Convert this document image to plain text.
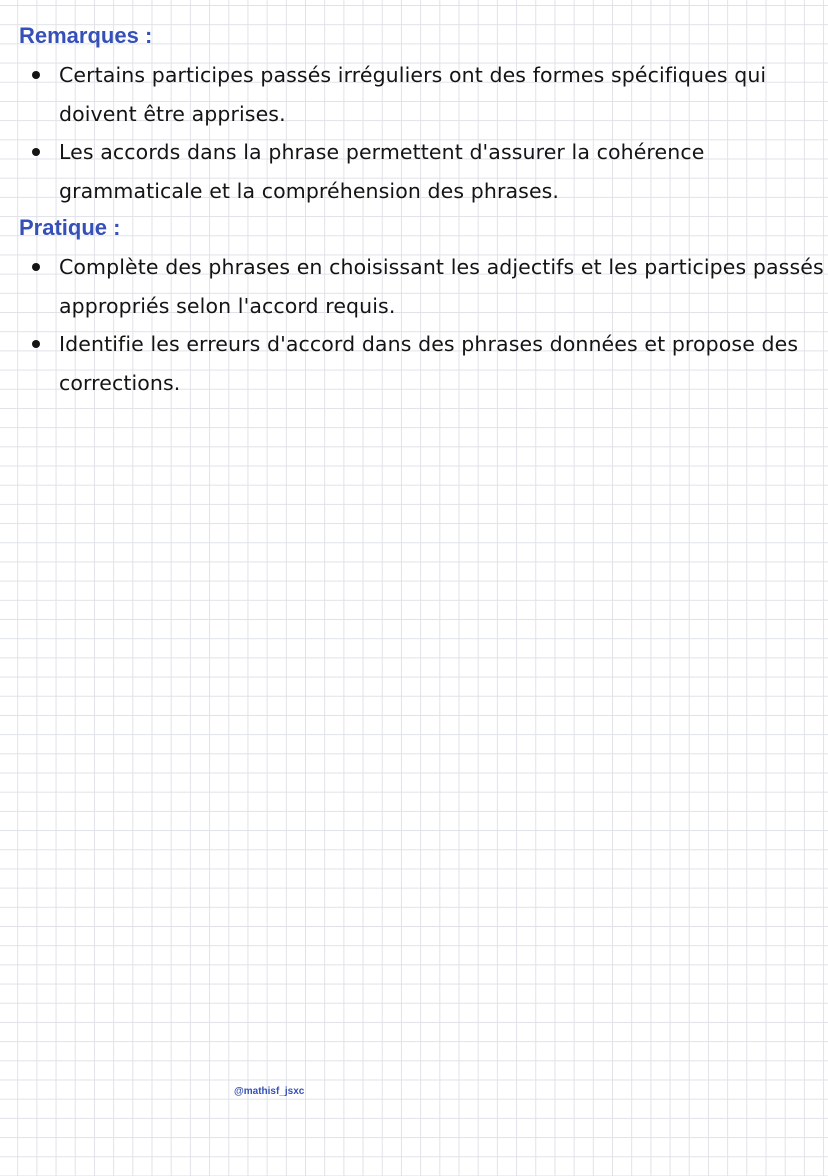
Remarques :
Certains participes passés irréguliers ont des formes spécifiques qui doivent être apprises.
Les accords dans la phrase permettent d'assurer la cohérence grammaticale et la compréhension des phrases.
Pratique :
Complète des phrases en choisissant les adjectifs et les participes passés appropriés selon l'accord requis.
Identifie les erreurs d'accord dans des phrases données et propose des corrections.
@mathisf_jsxc
